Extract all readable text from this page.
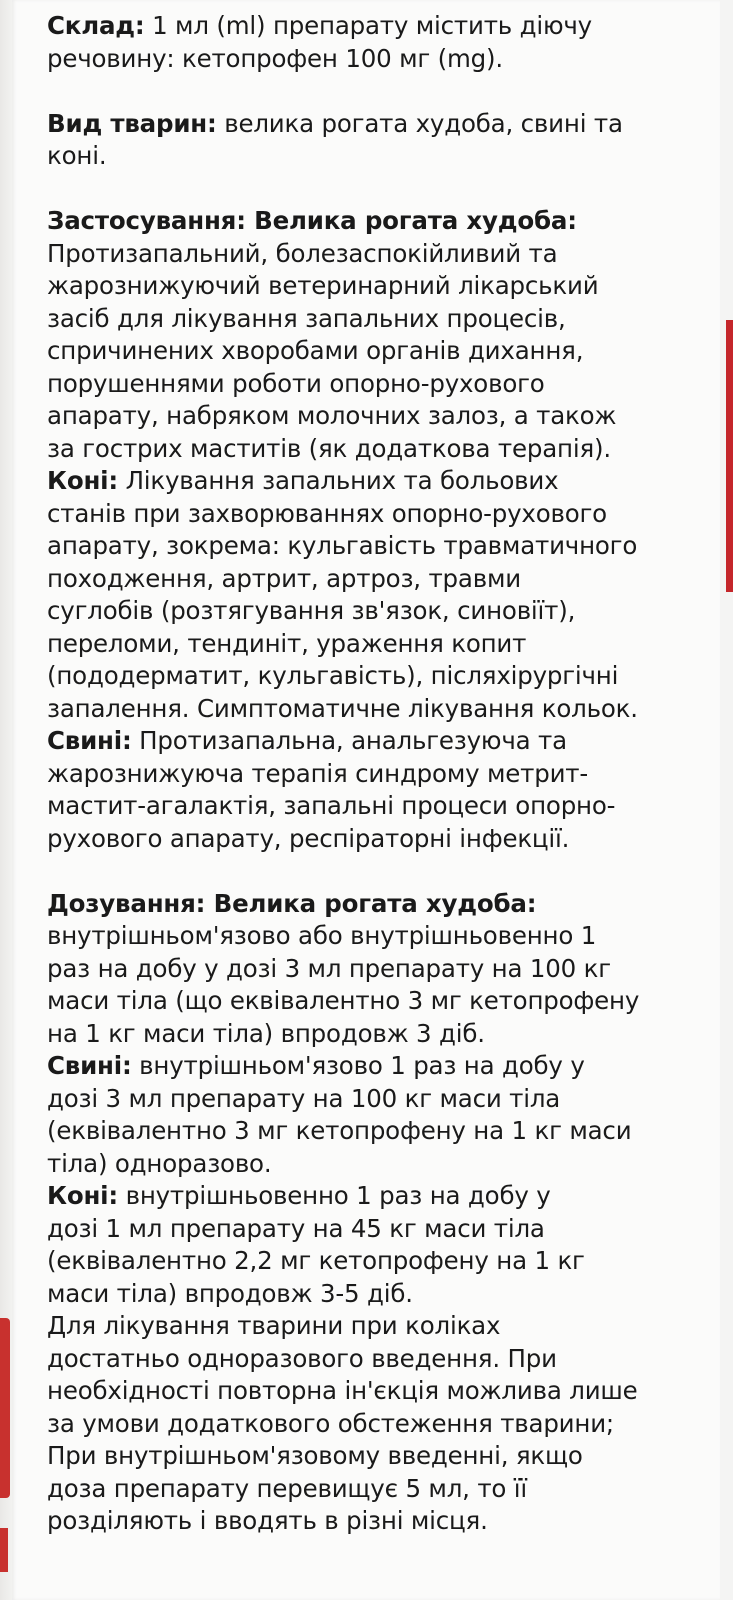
Склад: 1 мл (ml) препарату містить діючу
речовину: кетопрофен 100 мг (mg).
Вид тварин: велика рогата худоба, свині та
коні.
Застосування: Велика рогата худоба:
Протизапальний, болезаспокійливий та
жарознижуючий ветеринарний лікарський
засіб для лікування запальних процесів,
спричинених хворобами органів дихання,
порушеннями роботи опорно-рухового
апарату, набряком молочних залоз, а також
за гострих маститів (як додаткова терапія).
Коні: Лікування запальних та больових
станів при захворюваннях опорно-рухового
апарату, зокрема: кульгавість травматичного
походження, артрит, артроз, травми
суглобів (розтягування зв'язок, синовіїт),
переломи, тендиніт, ураження копит
(пододерматит, кульгавість), післяхірургічні
запалення. Симптоматичне лікування кольок.
Свині: Протизапальна, анальгезуюча та
жарознижуюча терапія синдрому метрит-
мастит-агалактія, запальні процеси опорно-
рухового апарату, респіраторні інфекції.
Дозування: Велика рогата худоба:
внутрішньом'язово або внутрішньовенно 1
раз на добу у дозі 3 мл препарату на 100 кг
маси тіла (що еквівалентно 3 мг кетопрофену
на 1 кг маси тіла) впродовж 3 діб.
Свині: внутрішньом'язово 1 раз на добу у
дозі 3 мл препарату на 100 кг маси тіла
(еквівалентно 3 мг кетопрофену на 1 кг маси
тіла) одноразово.
Коні: внутрішньовенно 1 раз на добу у
дозі 1 мл препарату на 45 кг маси тіла
(еквівалентно 2,2 мг кетопрофену на 1 кг
маси тіла) впродовж 3-5 діб.
Для лікування тварини при коліках
достатньо одноразового введення. При
необхідності повторна ін'єкція можлива лише
за умови додаткового обстеження тварини;
При внутрішньом'язовому введенні, якщо
доза препарату перевищує 5 мл, то її
розділяють і вводять в різні місця.
